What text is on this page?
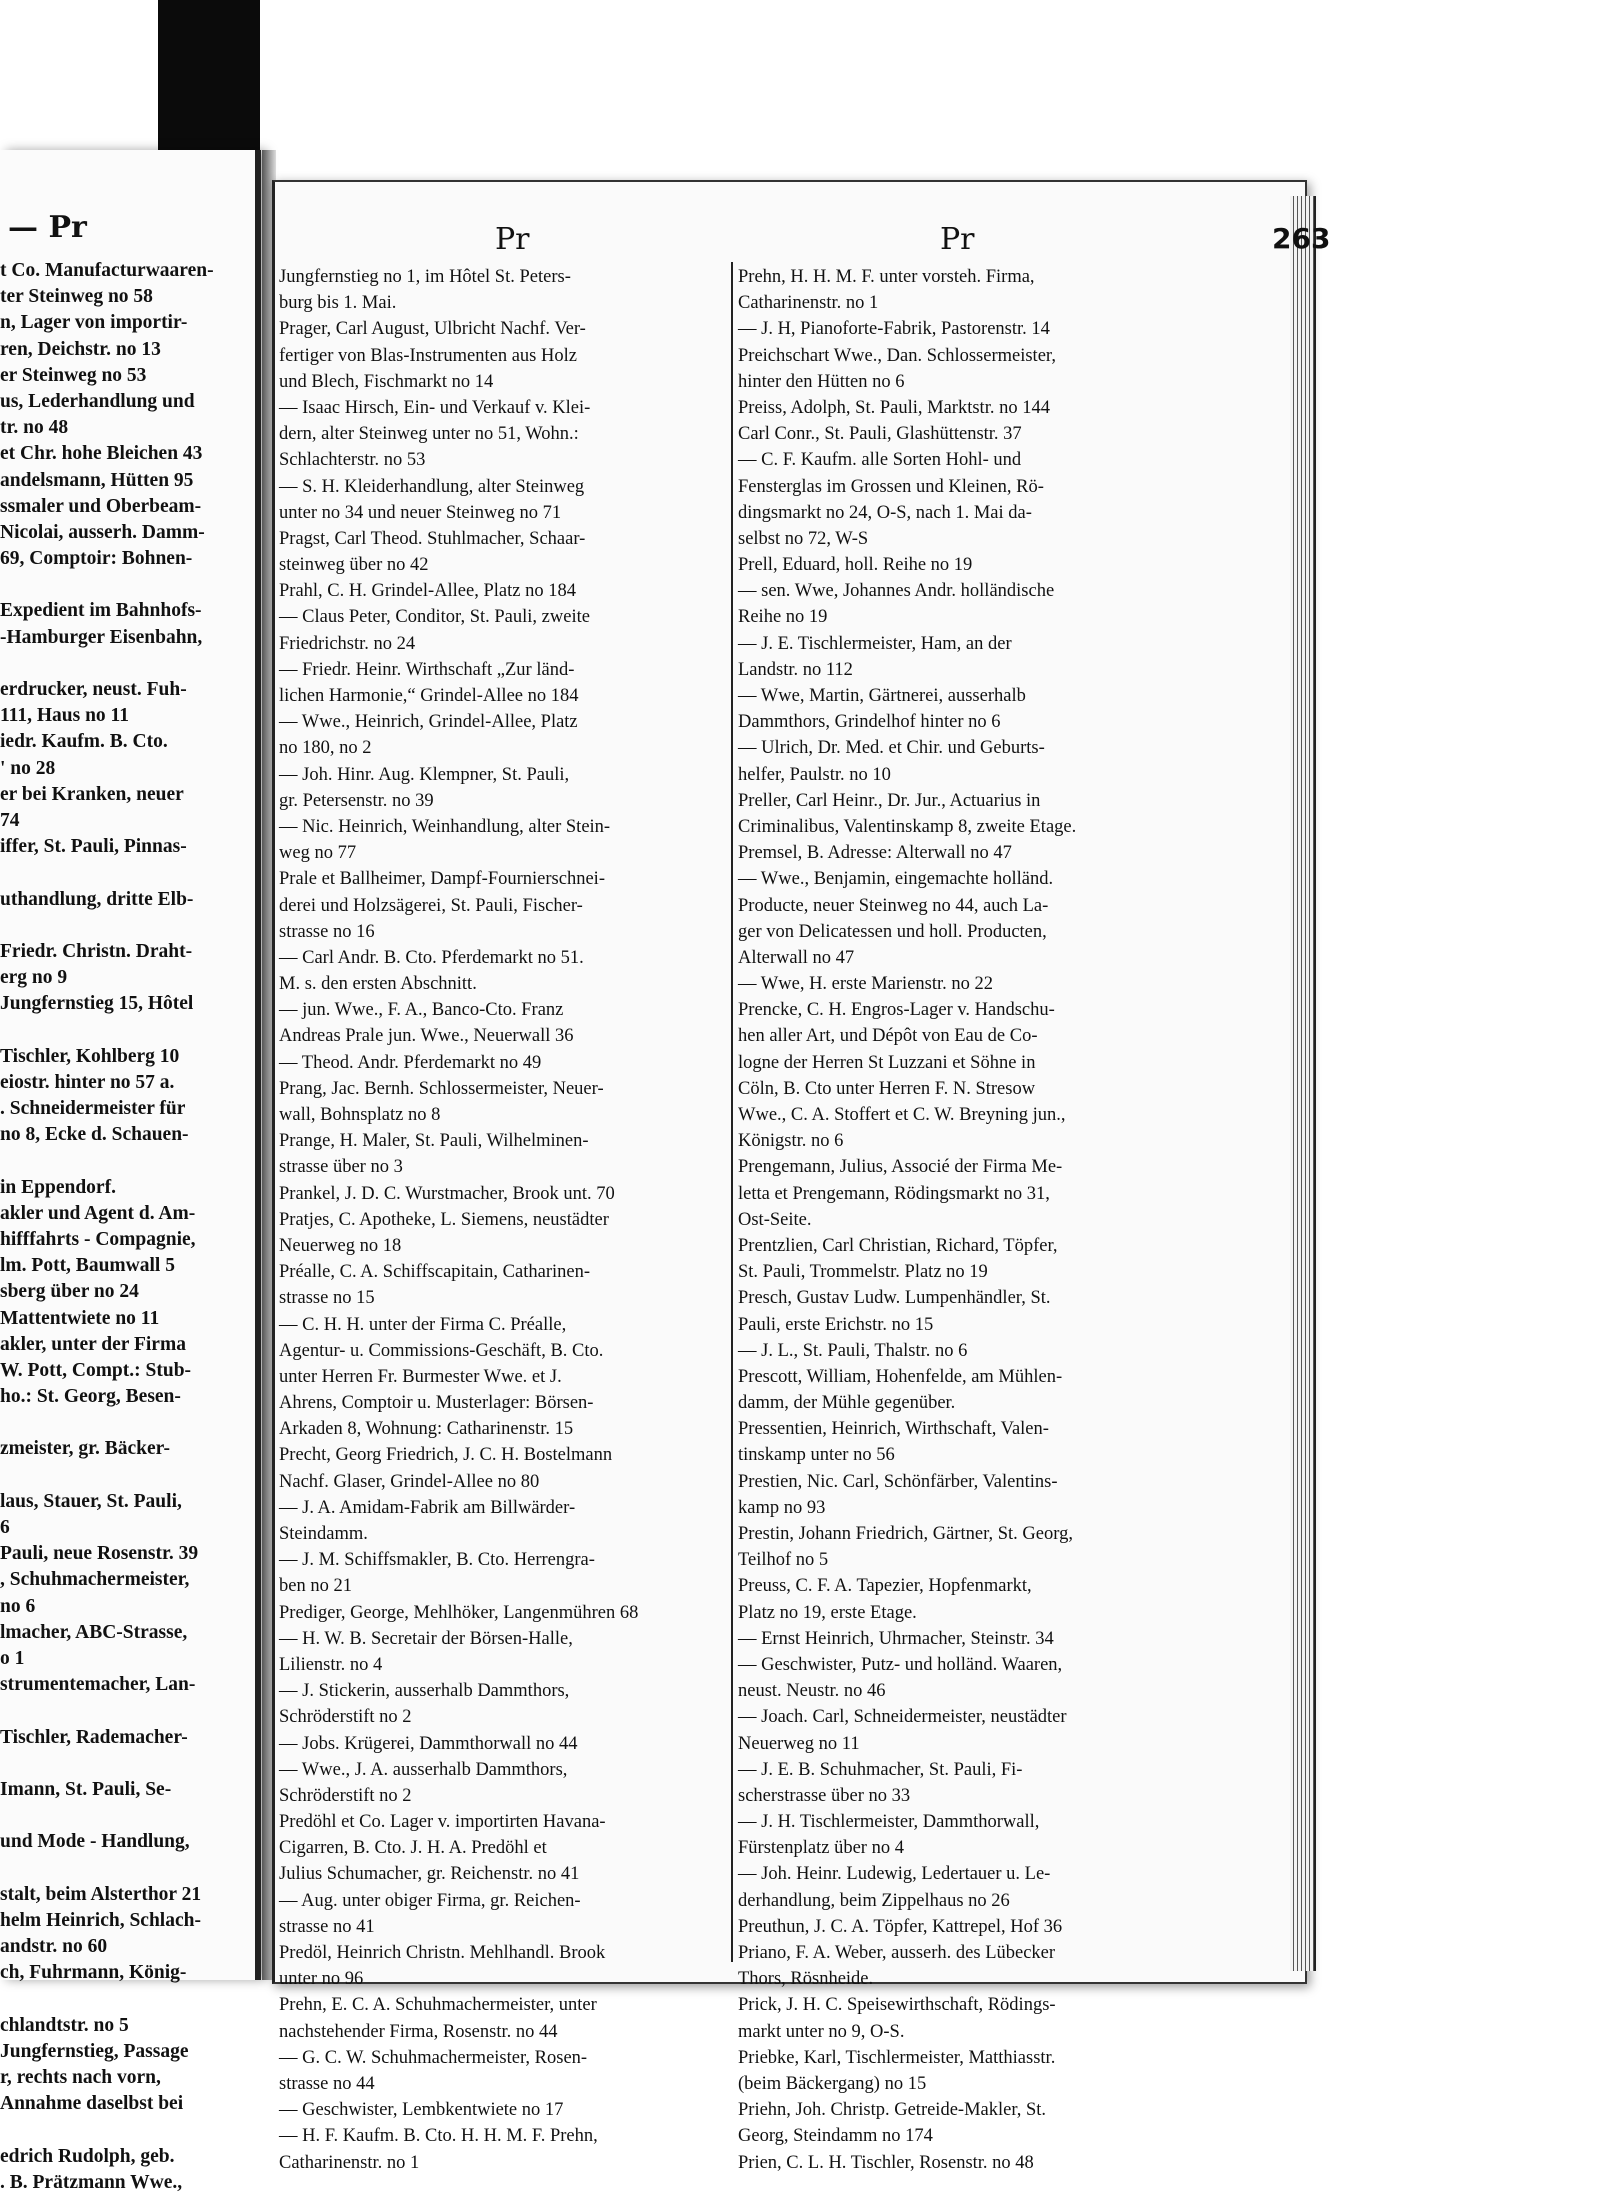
— Pr
t Co. Manufacturwaaren-
ter Steinweg no 58
n, Lager von importir-
ren, Deichstr. no 13
er Steinweg no 53
us, Lederhandlung und
tr. no 48
et Chr. hohe Bleichen 43
andelsmann, Hütten 95
ssmaler und Oberbeam-
Nicolai, ausserh. Damm-
69, Comptoir: Bohnen-
Expedient im Bahnhofs-
-Hamburger Eisenbahn,
erdrucker, neust. Fuh-
111, Haus no 11
iedr. Kaufm. B. Cto.
' no 28
er bei Kranken, neuer
74
iffer, St. Pauli, Pinnas-
uthandlung, dritte Elb-
Friedr. Christn. Draht-
erg no 9
Jungfernstieg 15, Hôtel
Tischler, Kohlberg 10
eiostr. hinter no 57 a.
. Schneidermeister für
no 8, Ecke d. Schauen-
in Eppendorf.
akler und Agent d. Am-
hifffahrts - Compagnie,
lm. Pott, Baumwall 5
sberg über no 24
Mattentwiete no 11
akler, unter der Firma
W. Pott, Compt.: Stub-
ho.: St. Georg, Besen-
zmeister, gr. Bäcker-
laus, Stauer, St. Pauli,
6
Pauli, neue Rosenstr. 39
, Schuhmachermeister,
no 6
lmacher, ABC-Strasse,
o 1
strumentemacher, Lan-
Tischler, Rademacher-
Imann, St. Pauli, Se-
und Mode - Handlung,
stalt, beim Alsterthor 21
helm Heinrich, Schlach-
andstr. no 60
ch, Fuhrmann, König-
chlandtstr. no 5
Jungfernstieg, Passage
r, rechts nach vorn,
Annahme daselbst bei
edrich Rudolph, geb.
. B. Prätzmann Wwe.,
Pr	Pr	263
Jungfernstieg no 1, im Hôtel St. Peters-
burg bis 1. Mai.
Prager, Carl August, Ulbricht Nachf. Ver-
fertiger von Blas-Instrumenten aus Holz
und Blech, Fischmarkt no 14
— Isaac Hirsch, Ein- und Verkauf v. Klei-
dern, alter Steinweg unter no 51, Wohn.:
Schlachterstr. no 53
— S. H. Kleiderhandlung, alter Steinweg
unter no 34 und neuer Steinweg no 71
Pragst, Carl Theod. Stuhlmacher, Schaar-
steinweg über no 42
Prahl, C. H. Grindel-Allee, Platz no 184
— Claus Peter, Conditor, St. Pauli, zweite
Friedrichstr. no 24
— Friedr. Heinr. Wirthschaft „Zur länd-
lichen Harmonie,“ Grindel-Allee no 184
— Wwe., Heinrich, Grindel-Allee, Platz
no 180, no 2
— Joh. Hinr. Aug. Klempner, St. Pauli,
gr. Petersenstr. no 39
— Nic. Heinrich, Weinhandlung, alter Stein-
weg no 77
Prale et Ballheimer, Dampf-Fournierschnei-
derei und Holzsägerei, St. Pauli, Fischer-
strasse no 16
— Carl Andr. B. Cto. Pferdemarkt no 51.
M. s. den ersten Abschnitt.
— jun. Wwe., F. A., Banco-Cto. Franz
Andreas Prale jun. Wwe., Neuerwall 36
— Theod. Andr. Pferdemarkt no 49
Prang, Jac. Bernh. Schlossermeister, Neuer-
wall, Bohnsplatz no 8
Prange, H. Maler, St. Pauli, Wilhelminen-
strasse über no 3
Prankel, J. D. C. Wurstmacher, Brook unt. 70
Pratjes, C. Apotheke, L. Siemens, neustädter
Neuerweg no 18
Préalle, C. A. Schiffscapitain, Catharinen-
strasse no 15
— C. H. H. unter der Firma C. Préalle,
Agentur- u. Commissions-Geschäft, B. Cto.
unter Herren Fr. Burmester Wwe. et J.
Ahrens, Comptoir u. Musterlager: Börsen-
Arkaden 8, Wohnung: Catharinenstr. 15
Precht, Georg Friedrich, J. C. H. Bostelmann
Nachf. Glaser, Grindel-Allee no 80
— J. A. Amidam-Fabrik am Billwärder-
Steindamm.
— J. M. Schiffsmakler, B. Cto. Herrengra-
ben no 21
Prediger, George, Mehlhöker, Langenmühren 68
— H. W. B. Secretair der Börsen-Halle,
Lilienstr. no 4
— J. Stickerin, ausserhalb Dammthors,
Schröderstift no 2
— Jobs. Krügerei, Dammthorwall no 44
— Wwe., J. A. ausserhalb Dammthors,
Schröderstift no 2
Predöhl et Co. Lager v. importirten Havana-
Cigarren, B. Cto. J. H. A. Predöhl et
Julius Schumacher, gr. Reichenstr. no 41
— Aug. unter obiger Firma, gr. Reichen-
strasse no 41
Predöl, Heinrich Christn. Mehlhandl. Brook
unter no 96
Prehn, E. C. A. Schuhmachermeister, unter
nachstehender Firma, Rosenstr. no 44
— G. C. W. Schuhmachermeister, Rosen-
strasse no 44
— Geschwister, Lembkentwiete no 17
— H. F. Kaufm. B. Cto. H. H. M. F. Prehn,
Catharinenstr. no 1
Prehn, H. H. M. F. unter vorsteh. Firma,
Catharinenstr. no 1
— J. H, Pianoforte-Fabrik, Pastorenstr. 14
Preichschart Wwe., Dan. Schlossermeister,
hinter den Hütten no 6
Preiss, Adolph, St. Pauli, Marktstr. no 144
Carl Conr., St. Pauli, Glashüttenstr. 37
— C. F. Kaufm. alle Sorten Hohl- und
Fensterglas im Grossen und Kleinen, Rö-
dingsmarkt no 24, O-S, nach 1. Mai da-
selbst no 72, W-S
Prell, Eduard, holl. Reihe no 19
— sen. Wwe, Johannes Andr. holländische
Reihe no 19
— J. E. Tischlermeister, Ham, an der
Landstr. no 112
— Wwe, Martin, Gärtnerei, ausserhalb
Dammthors, Grindelhof hinter no 6
— Ulrich, Dr. Med. et Chir. und Geburts-
helfer, Paulstr. no 10
Preller, Carl Heinr., Dr. Jur., Actuarius in
Criminalibus, Valentinskamp 8, zweite Etage.
Premsel, B. Adresse: Alterwall no 47
— Wwe., Benjamin, eingemachte holländ.
Producte, neuer Steinweg no 44, auch La-
ger von Delicatessen und holl. Producten,
Alterwall no 47
— Wwe, H. erste Marienstr. no 22
Prencke, C. H. Engros-Lager v. Handschu-
hen aller Art, und Dépôt von Eau de Co-
logne der Herren St Luzzani et Söhne in
Cöln, B. Cto unter Herren F. N. Stresow
Wwe., C. A. Stoffert et C. W. Breyning jun.,
Königstr. no 6
Prengemann, Julius, Associé der Firma Me-
letta et Prengemann, Rödingsmarkt no 31,
Ost-Seite.
Prentzlien, Carl Christian, Richard, Töpfer,
St. Pauli, Trommelstr. Platz no 19
Presch, Gustav Ludw. Lumpenhändler, St.
Pauli, erste Erichstr. no 15
— J. L., St. Pauli, Thalstr. no 6
Prescott, William, Hohenfelde, am Mühlen-
damm, der Mühle gegenüber.
Pressentien, Heinrich, Wirthschaft, Valen-
tinskamp unter no 56
Prestien, Nic. Carl, Schönfärber, Valentins-
kamp no 93
Prestin, Johann Friedrich, Gärtner, St. Georg,
Teilhof no 5
Preuss, C. F. A. Tapezier, Hopfenmarkt,
Platz no 19, erste Etage.
— Ernst Heinrich, Uhrmacher, Steinstr. 34
— Geschwister, Putz- und holländ. Waaren,
neust. Neustr. no 46
— Joach. Carl, Schneidermeister, neustädter
Neuerweg no 11
— J. E. B. Schuhmacher, St. Pauli, Fi-
scherstrasse über no 33
— J. H. Tischlermeister, Dammthorwall,
Fürstenplatz über no 4
— Joh. Heinr. Ludewig, Ledertauer u. Le-
derhandlung, beim Zippelhaus no 26
Preuthun, J. C. A. Töpfer, Kattrepel, Hof 36
Priano, F. A. Weber, ausserh. des Lübecker
Thors, Rösnheide.
Prick, J. H. C. Speisewirthschaft, Rödings-
markt unter no 9, O-S.
Priebke, Karl, Tischlermeister, Matthiasstr.
(beim Bäckergang) no 15
Priehn, Joh. Christp. Getreide-Makler, St.
Georg, Steindamm no 174
Prien, C. L. H. Tischler, Rosenstr. no 48
